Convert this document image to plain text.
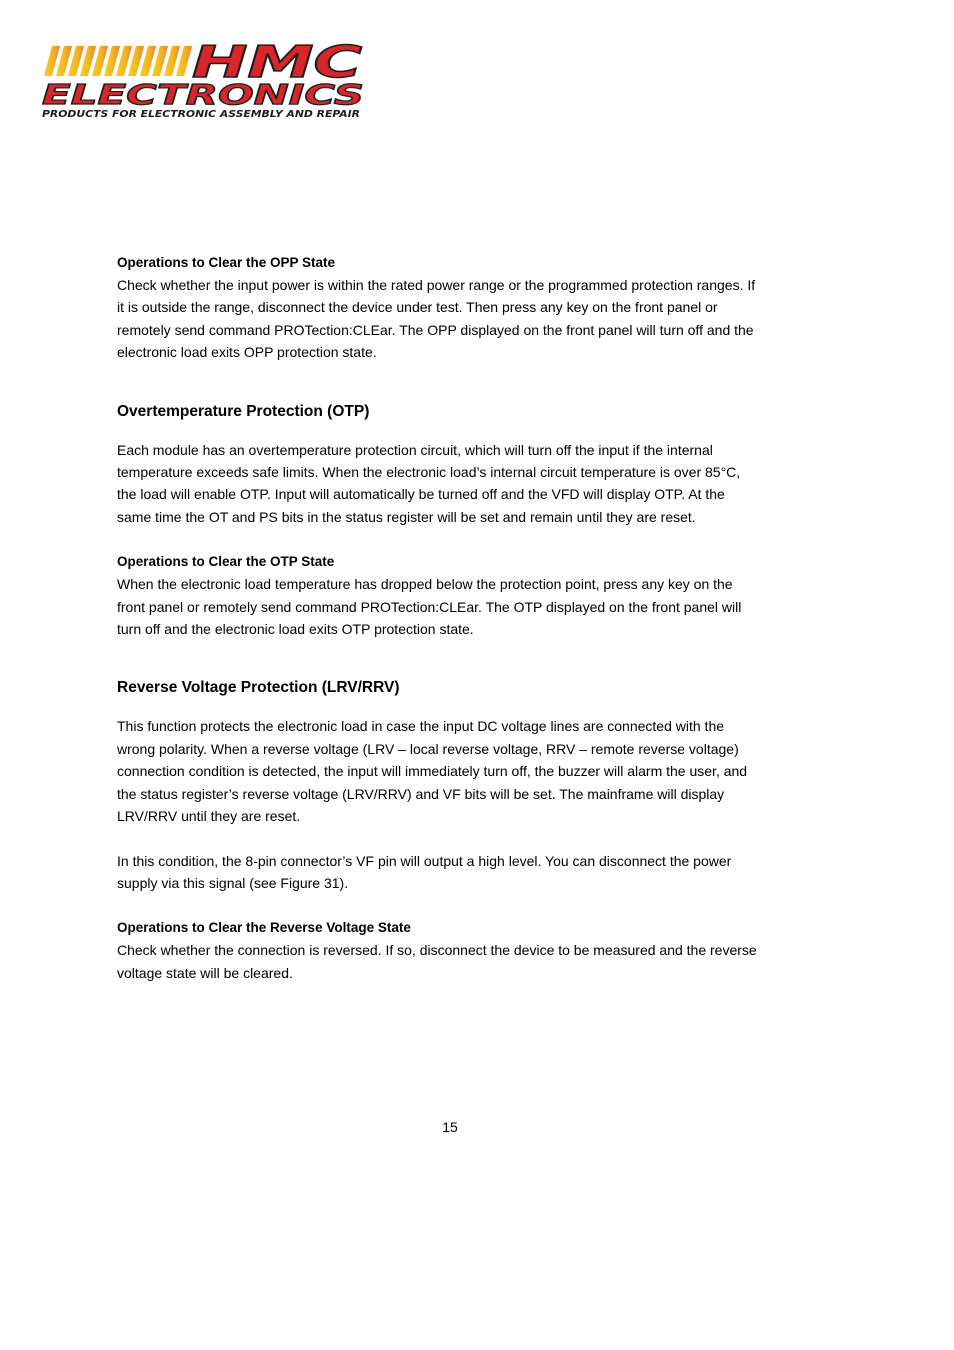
HMC
ELECTRONICS
PRODUCTS FOR ELECTRONIC ASSEMBLY AND REPAIR

Operations to Clear the OPP State

Check whether the input power is within the rated power range or the programmed protection ranges. If it is outside the range, disconnect the device under test. Then press any key on the front panel or remotely send command PROTection:CLEar. The OPP displayed on the front panel will turn off and the electronic load exits OPP protection state.

Overtemperature Protection (OTP)

Each module has an overtemperature protection circuit, which will turn off the input if the internal temperature exceeds safe limits. When the electronic load’s internal circuit temperature is over 85°C, the load will enable OTP. Input will automatically be turned off and the VFD will display OTP. At the same time the OT and PS bits in the status register will be set and remain until they are reset.

Operations to Clear the OTP State

When the electronic load temperature has dropped below the protection point, press any key on the front panel or remotely send command PROTection:CLEar. The OTP displayed on the front panel will turn off and the electronic load exits OTP protection state.

Reverse Voltage Protection (LRV/RRV)

This function protects the electronic load in case the input DC voltage lines are connected with the wrong polarity. When a reverse voltage (LRV – local reverse voltage, RRV – remote reverse voltage) connection condition is detected, the input will immediately turn off, the buzzer will alarm the user, and the status register’s reverse voltage (LRV/RRV) and VF bits will be set. The mainframe will display LRV/RRV until they are reset.

In this condition, the 8-pin connector’s VF pin will output a high level. You can disconnect the power supply via this signal (see Figure 31).

Operations to Clear the Reverse Voltage State

Check whether the connection is reversed. If so, disconnect the device to be measured and the reverse voltage state will be cleared.

15
